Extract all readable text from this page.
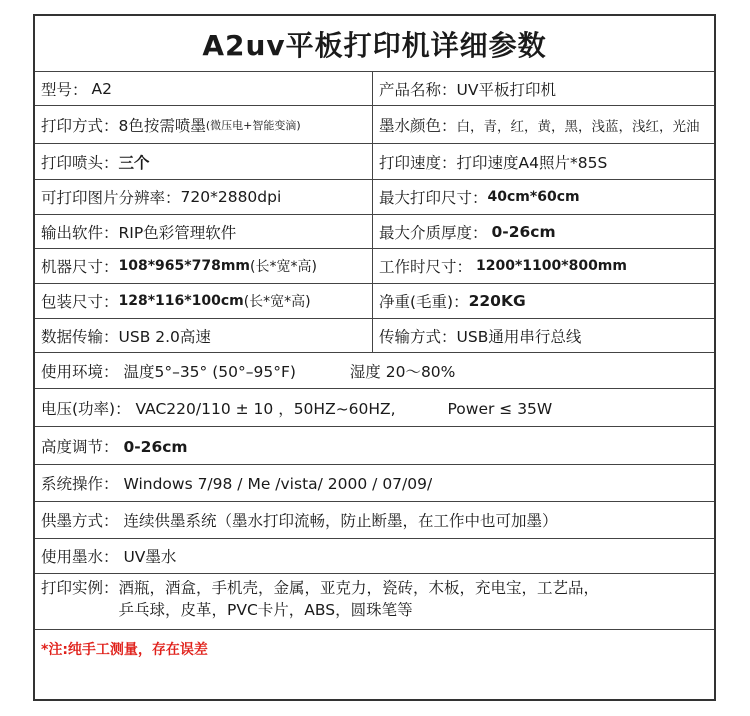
A2uv平板打印机详细参数
型号： A2	产品名称： UV平板打印机
打印方式： 8色按需喷墨 (微压电+智能变滴)	墨水颜色： 白，青，红，黄，黑，浅蓝，浅红，光油
打印喷头： 三个	打印速度： 打印速度A4照片*85S
可打印图片分辨率： 720*2880dpi	最大打印尺寸： 40cm*60cm
输出软件： RIP色彩管理软件	最大介质厚度： 0-26cm
机器尺寸： 108*965*778mm (长*宽*高)	工作时尺寸： 1200*1100*800mm
包装尺寸： 128*116*100cm (长*宽*高)	净重(毛重)： 220KG
数据传输： USB 2.0高速	传输方式： USB通用串行总线
使用环境： 温度5°–35° (50°–95°F)	湿度 20～80%
电压(功率)： VAC220/110 ± 10 ，50HZ~60HZ,	Power ≤ 35W
高度调节： 0-26cm
系统操作： Windows 7/98 / Me /vista/ 2000 / 07/09/
供墨方式： 连续供墨系统（墨水打印流畅，防止断墨，在工作中也可加墨）
使用墨水： UV墨水
打印实例： 酒瓶，酒盒，手机壳，金属，亚克力，瓷砖，木板，充电宝，工艺品，
乒乓球，皮革，PVC卡片，ABS，圆珠笔等
*注:纯手工测量，存在误差
